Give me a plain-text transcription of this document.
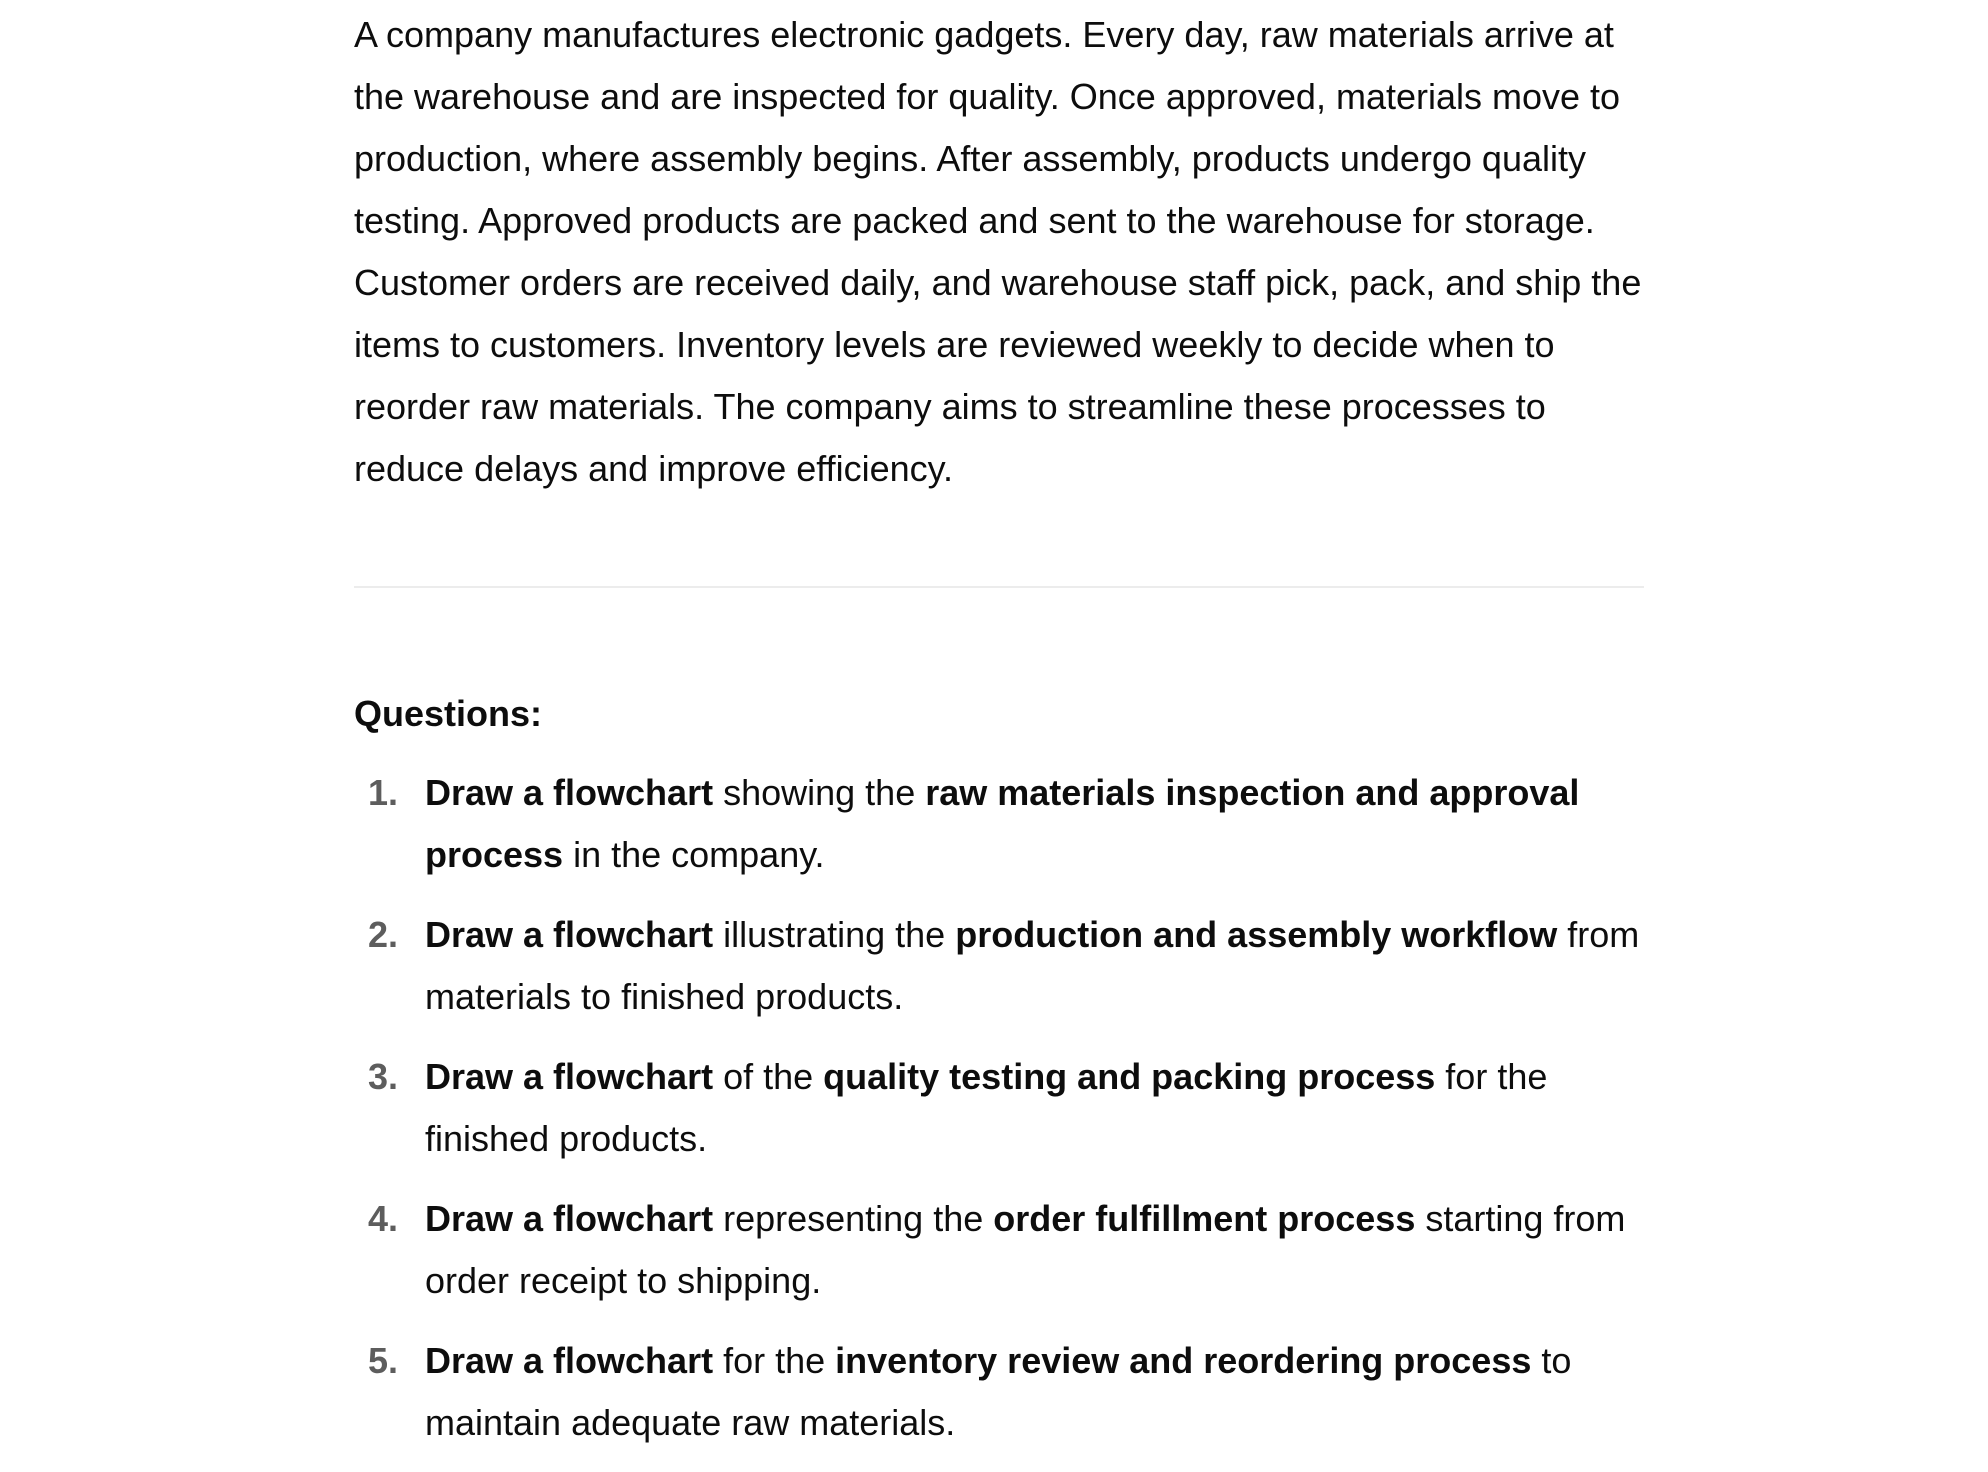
A company manufactures electronic gadgets. Every day, raw materials arrive at the warehouse and are inspected for quality. Once approved, materials move to production, where assembly begins. After assembly, products undergo quality testing. Approved products are packed and sent to the warehouse for storage. Customer orders are received daily, and warehouse staff pick, pack, and ship the items to customers. Inventory levels are reviewed weekly to decide when to reorder raw materials. The company aims to streamline these processes to reduce delays and improve efficiency.

Questions:

1. Draw a flowchart showing the raw materials inspection and approval process in the company.
2. Draw a flowchart illustrating the production and assembly workflow from materials to finished products.
3. Draw a flowchart of the quality testing and packing process for the finished products.
4. Draw a flowchart representing the order fulfillment process starting from order receipt to shipping.
5. Draw a flowchart for the inventory review and reordering process to maintain adequate raw materials.
